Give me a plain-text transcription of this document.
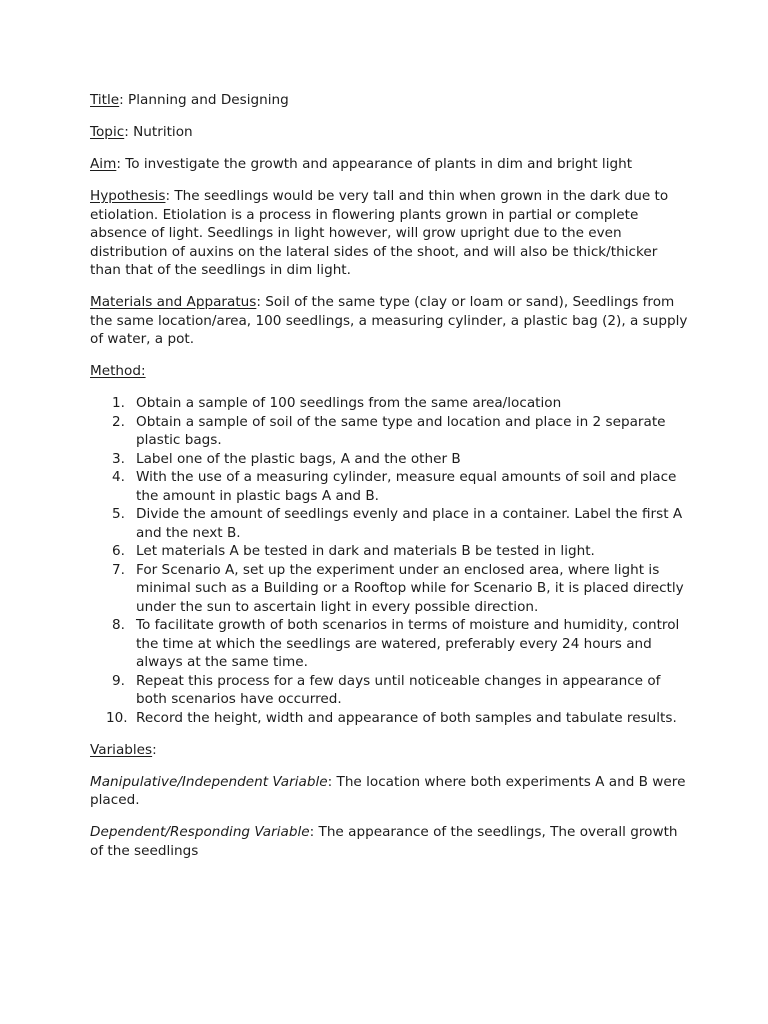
Title: Planning and Designing

Topic: Nutrition

Aim: To investigate the growth and appearance of plants in dim and bright light

Hypothesis: The seedlings would be very tall and thin when grown in the dark due to etiolation. Etiolation is a process in flowering plants grown in partial or complete absence of light. Seedlings in light however, will grow upright due to the even distribution of auxins on the lateral sides of the shoot, and will also be thick/thicker than that of the seedlings in dim light.

Materials and Apparatus: Soil of the same type (clay or loam or sand), Seedlings from the same location/area, 100 seedlings, a measuring cylinder, a plastic bag (2), a supply of water, a pot.

Method:

1. Obtain a sample of 100 seedlings from the same area/location
2. Obtain a sample of soil of the same type and location and place in 2 separate plastic bags.
3. Label one of the plastic bags, A and the other B
4. With the use of a measuring cylinder, measure equal amounts of soil and place the amount in plastic bags A and B.
5. Divide the amount of seedlings evenly and place in a container. Label the first A and the next B.
6. Let materials A be tested in dark and materials B be tested in light.
7. For Scenario A, set up the experiment under an enclosed area, where light is minimal such as a Building or a Rooftop while for Scenario B, it is placed directly under the sun to ascertain light in every possible direction.
8. To facilitate growth of both scenarios in terms of moisture and humidity, control the time at which the seedlings are watered, preferably every 24 hours and always at the same time.
9. Repeat this process for a few days until noticeable changes in appearance of both scenarios have occurred.
10. Record the height, width and appearance of both samples and tabulate results.

Variables:

Manipulative/Independent Variable: The location where both experiments A and B were placed.

Dependent/Responding Variable: The appearance of the seedlings, The overall growth of the seedlings
